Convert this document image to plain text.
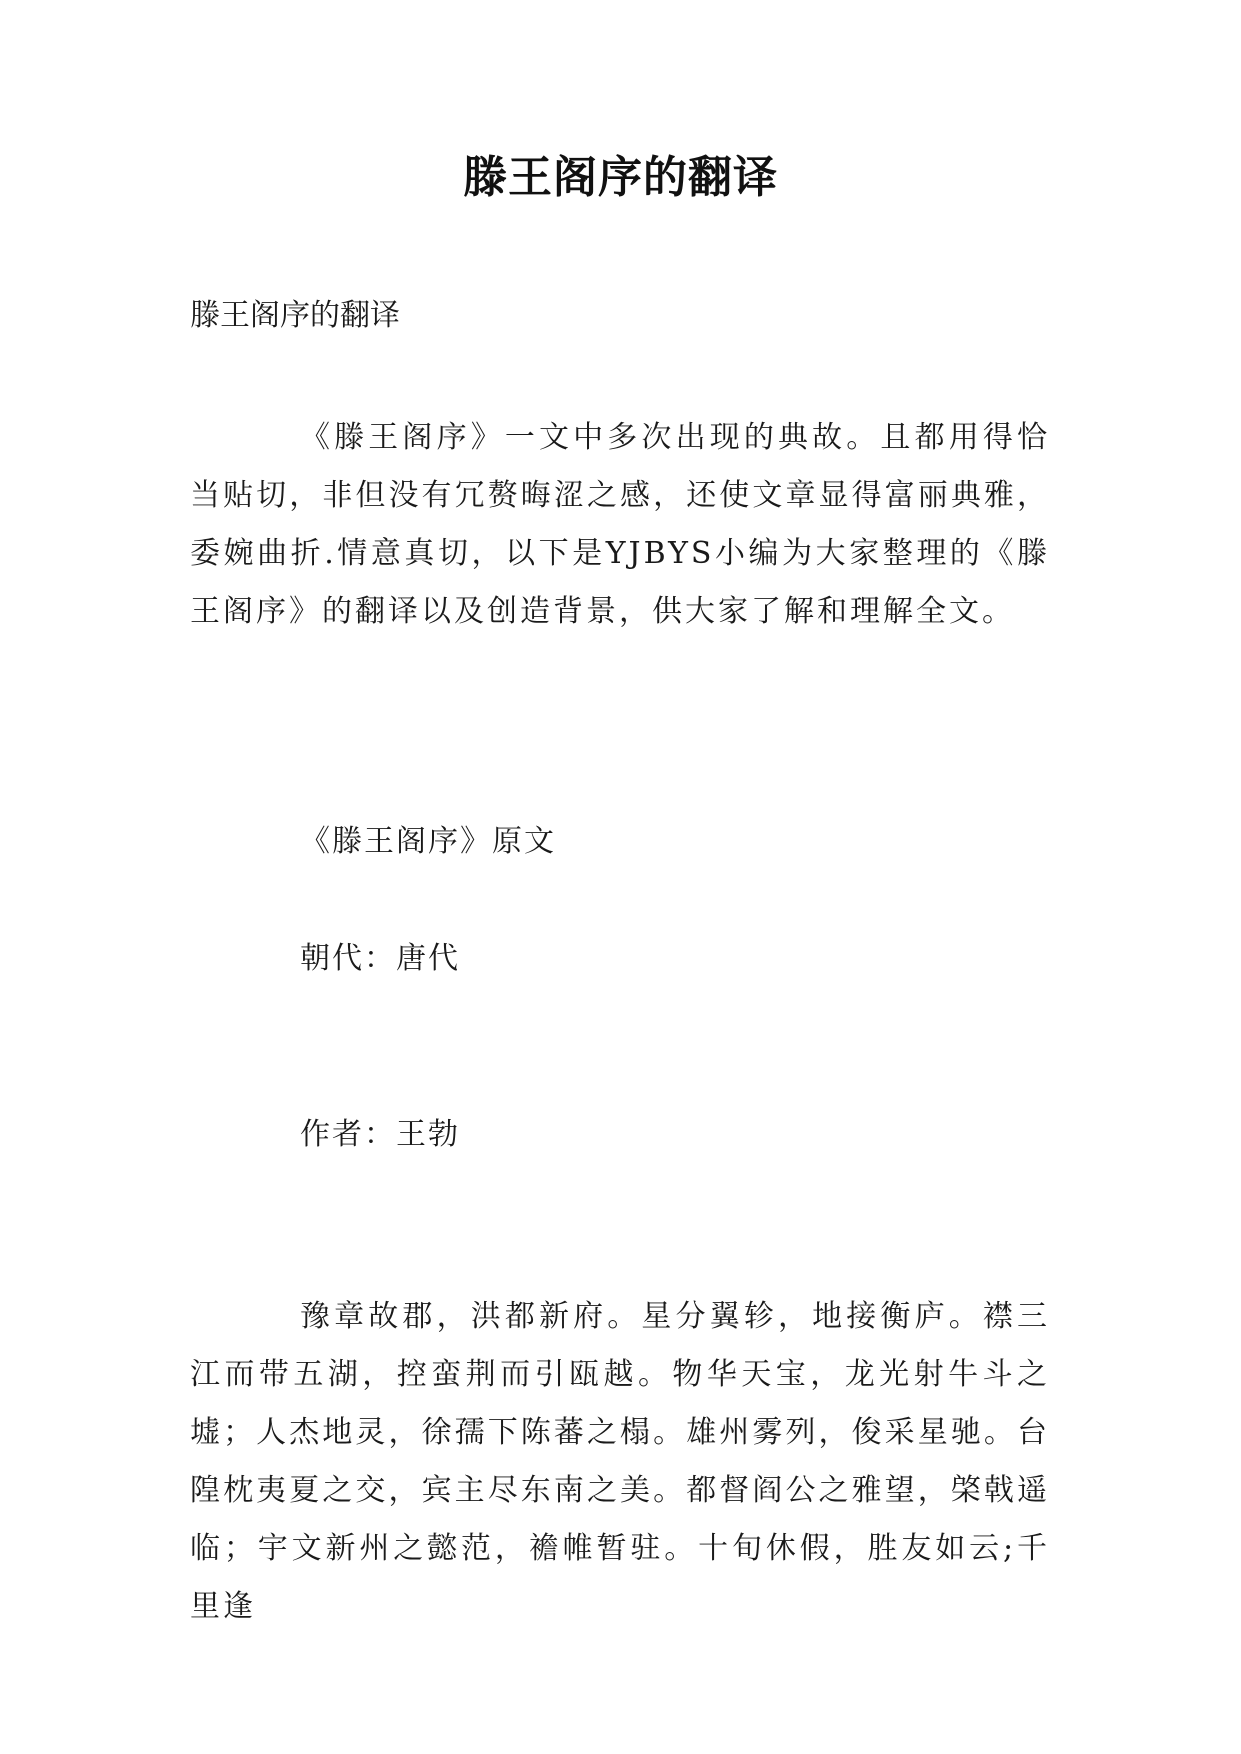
滕王阁序的翻译
滕王阁序的翻译

《滕王阁序》一文中多次出现的典故。且都用得恰当贴切，非但没有冗赘晦涩之感，还使文章显得富丽典雅，委婉曲折.情意真切，以下是YJBYS小编为大家整理的《滕王阁序》的翻译以及创造背景，供大家了解和理解全文。

《滕王阁序》原文
朝代：唐代
作者：王勃

豫章故郡，洪都新府。星分翼轸，地接衡庐。襟三江而带五湖，控蛮荆而引瓯越。物华天宝，龙光射牛斗之墟；人杰地灵，徐孺下陈蕃之榻。雄州雾列，俊采星驰。台隍枕夷夏之交，宾主尽东南之美。都督阎公之雅望，棨戟遥临；宇文新州之懿范，襜帷暂驻。十旬休假，胜友如云;千里逢
